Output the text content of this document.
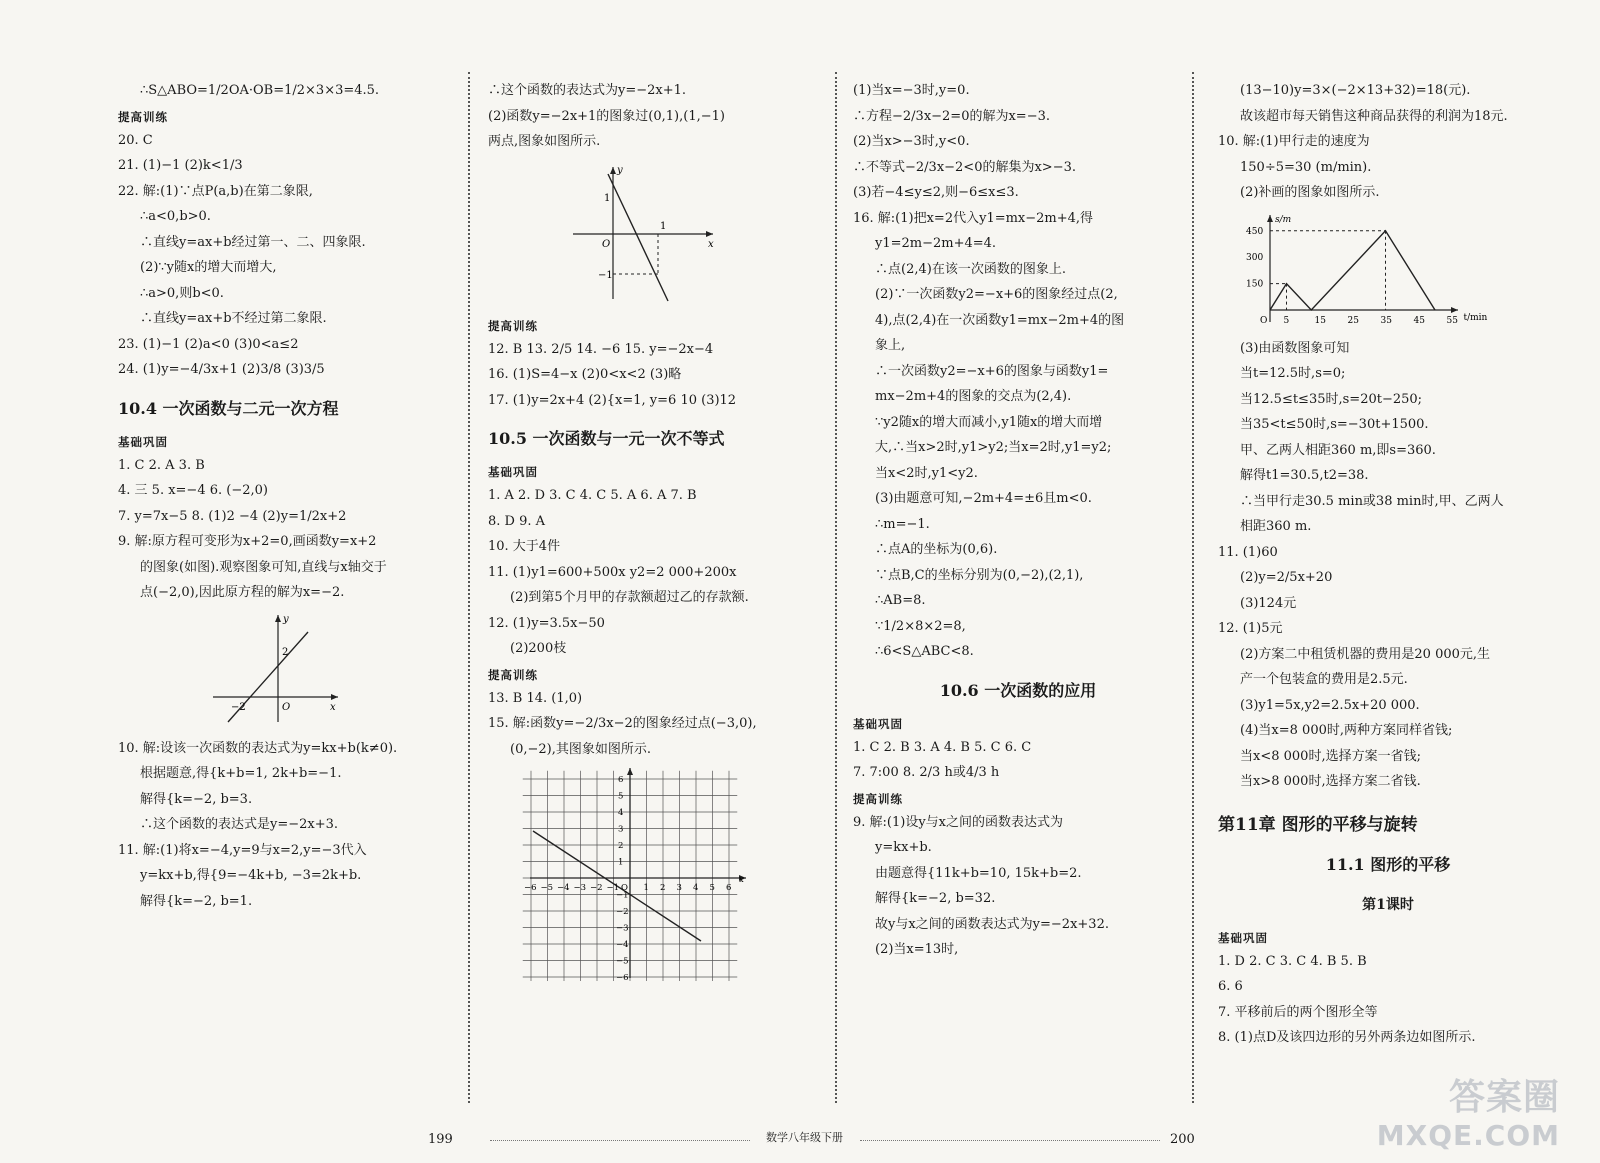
∴S△ABO=1/2OA·OB=1/2×3×3=4.5.
提高训练
20. C
21. (1)−1 (2)k<1/3
22. 解:(1)∵点P(a,b)在第二象限,
∴a<0,b>0.
∴直线y=ax+b经过第一、二、四象限.
(2)∵y随x的增大而增大,
∴a>0,则b<0.
∴直线y=ax+b不经过第二象限.
23. (1)−1 (2)a<0 (3)0<a≤2
24. (1)y=−4/3x+1 (2)3/8 (3)3/5
10.4 一次函数与二元一次方程
基础巩固
1. C 2. A 3. B
4. 三 5. x=−4 6. (−2,0)
7. y=7x−5 8. (1)2 −4 (2)y=1/2x+2
9. 解:原方程可变形为x+2=0,画函数y=x+2
的图象(如图).观察图象可知,直线与x轴交于
点(−2,0),因此原方程的解为x=−2.
y
2
−2	O	x
10. 解:设该一次函数的表达式为y=kx+b(k≠0).
根据题意,得{k+b=1, 2k+b=−1.
解得{k=−2, b=3.
∴这个函数的表达式是y=−2x+3.
11. 解:(1)将x=−4,y=9与x=2,y=−3代入
y=kx+b,得{9=−4k+b, −3=2k+b.
解得{k=−2, b=1.
∴这个函数的表达式为y=−2x+1.
(2)函数y=−2x+1的图象过(0,1),(1,−1)
两点,图象如图所示.
y
1
−1
O
1
x
提高训练
12. B 13. 2/5 14. −6 15. y=−2x−4
16. (1)S=4−x (2)0<x<2 (3)略
17. (1)y=2x+4 (2){x=1, y=6 10 (3)12
10.5 一次函数与一元一次不等式
基础巩固
1. A 2. D 3. C 4. C 5. A 6. A 7. B
8. D 9. A
10. 大于4件
11. (1)y1=600+500x y2=2 000+200x
(2)到第5个月甲的存款额超过乙的存款额.
12. (1)y=3.5x−50
(2)200枝
提高训练
13. B 14. (1,0)
15. 解:函数y=−2/3x−2的图象经过点(−3,0),
(0,−2),其图象如图所示.
6
5
4
3
2
1
−6 −5 −4 −3 −2 −1 O 1 2 3 4 5 6
x
−1
−2
−3
−4
−5
−6
(1)当x=−3时,y=0.
∴方程−2/3x−2=0的解为x=−3.
(2)当x>−3时,y<0.
∴不等式−2/3x−2<0的解集为x>−3.
(3)若−4≤y≤2,则−6≤x≤3.
16. 解:(1)把x=2代入y1=mx−2m+4,得
y1=2m−2m+4=4.
∴点(2,4)在该一次函数的图象上.
(2)∵一次函数y2=−x+6的图象经过点(2,
4),点(2,4)在一次函数y1=mx−2m+4的图
象上,
∴一次函数y2=−x+6的图象与函数y1=
mx−2m+4的图象的交点为(2,4).
∵y2随x的增大而减小,y1随x的增大而增
大,∴当x>2时,y1>y2;当x=2时,y1=y2;
当x<2时,y1<y2.
(3)由题意可知,−2m+4=±6且m<0.
∴m=−1.
∴点A的坐标为(0,6).
∵点B,C的坐标分别为(0,−2),(2,1),
∴AB=8.
∵1/2×8×2=8,
∴6<S△ABC<8.
10.6 一次函数的应用
基础巩固
1. C 2. B 3. A 4. B 5. C 6. C
7. 7:00 8. 2/3 h或4/3 h
提高训练
9. 解:(1)设y与x之间的函数表达式为
y=kx+b.
由题意得{11k+b=10, 15k+b=2.
解得{k=−2, b=32.
故y与x之间的函数表达式为y=−2x+32.
(2)当x=13时,
(13−10)y=3×(−2×13+32)=18(元).
故该超市每天销售这种商品获得的利润为18元.
10. 解:(1)甲行走的速度为
150÷5=30 (m/min).
(2)补画的图象如图所示.
s/m
450
300
150
O 5	15 25 35 45 55 t/min
(3)由函数图象可知
当t=12.5时,s=0;
当12.5≤t≤35时,s=20t−250;
当35<t≤50时,s=−30t+1500.
甲、乙两人相距360 m,即s=360.
解得t1=30.5,t2=38.
∴当甲行走30.5 min或38 min时,甲、乙两人
相距360 m.
11. (1)60
(2)y=2/5x+20
(3)124元
12. (1)5元
(2)方案二中租赁机器的费用是20 000元,生
产一个包装盒的费用是2.5元.
(3)y1=5x,y2=2.5x+20 000.
(4)当x=8 000时,两种方案同样省钱;
当x<8 000时,选择方案一省钱;
当x>8 000时,选择方案二省钱.
第11章 图形的平移与旋转
11.1 图形的平移
第1课时
基础巩固
1. D 2. C 3. C 4. B 5. B
6. 6
7. 平移前后的两个图形全等
8. (1)点D及该四边形的另外两条边如图所示.
199	数学八年级下册	200
答案圈
MXQE.COM
